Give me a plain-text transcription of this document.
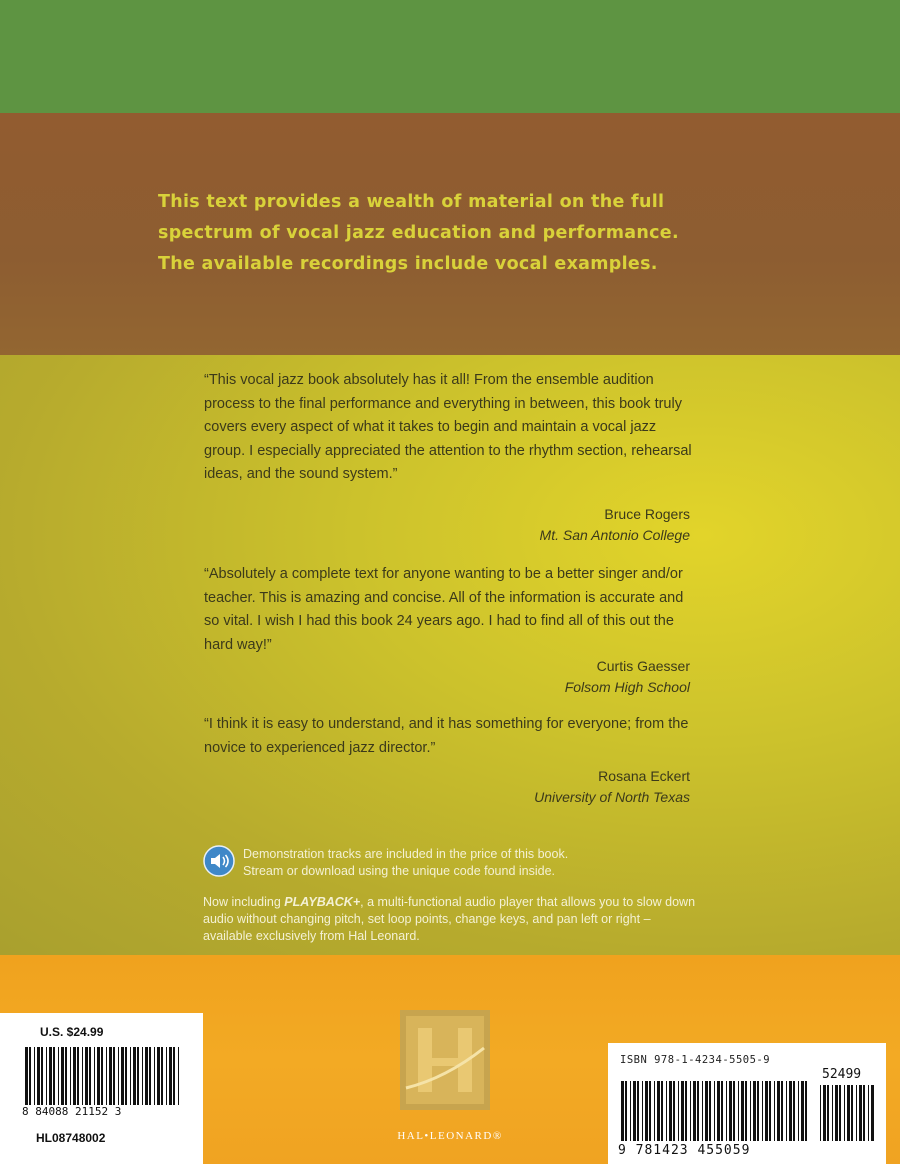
This text provides a wealth of material on the full
spectrum of vocal jazz education and performance.
The available recordings include vocal examples.

“This vocal jazz book absolutely has it all! From the ensemble audition process to the final performance and everything in between, this book truly covers every aspect of what it takes to begin and maintain a vocal jazz group. I especially appreciated the attention to the rhythm section, rehearsal ideas, and the sound system.”

Bruce Rogers
Mt. San Antonio College

“Absolutely a complete text for anyone wanting to be a better singer and/or teacher. This is amazing and concise. All of the information is accurate and so vital. I wish I had this book 24 years ago. I had to find all of this out the hard way!”

Curtis Gaesser
Folsom High School

“I think it is easy to understand, and it has something for everyone; from the novice to experienced jazz director.”

Rosana Eckert
University of North Texas
Demonstration tracks are included in the price of this book.
Stream or download using the unique code found inside.

Now including PLAYBACK+, a multi-functional audio player that allows you to slow down audio without changing pitch, set loop points, change keys, and pan left or right – available exclusively from Hal Leonard.

U.S. $24.99
8 84088 21152 3
HL08748002	HAL•LEONARD®
ISBN 978-1-4234-5505-9
52499
9 781423 455059
